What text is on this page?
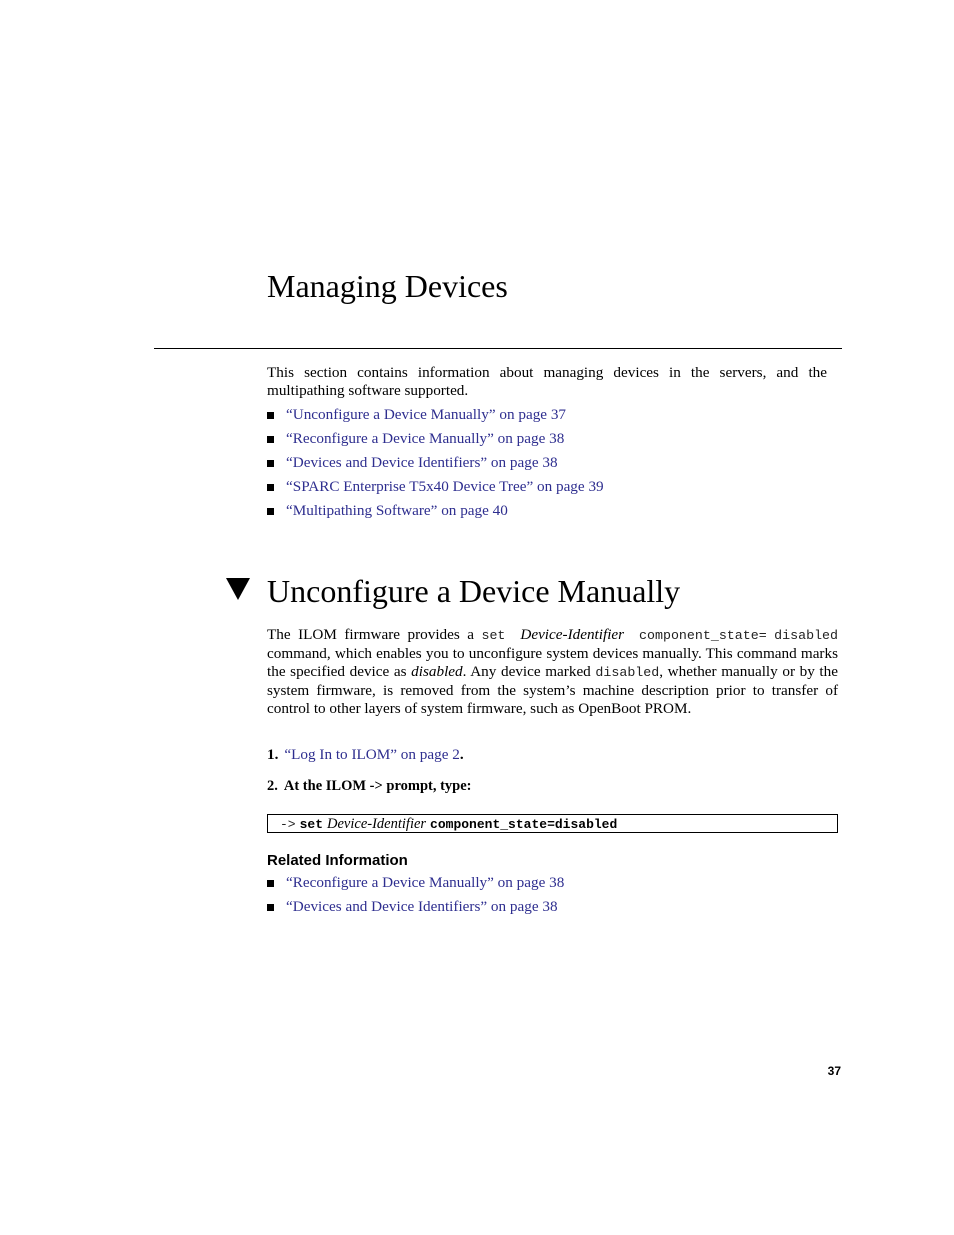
Managing Devices

This section contains information about managing devices in the servers, and the multipathing software supported.

“Unconfigure a Device Manually” on page 37
“Reconfigure a Device Manually” on page 38
“Devices and Device Identifiers” on page 38
“SPARC Enterprise T5x40 Device Tree” on page 39
“Multipathing Software” on page 40
Unconfigure a Device Manually

The ILOM firmware provides a set Device-Identifier component_state= disabled command, which enables you to unconfigure system devices manually. This command marks the specified device as disabled. Any device marked disabled, whether manually or by the system firmware, is removed from the system’s machine description prior to transfer of control to other layers of system firmware, such as OpenBoot PROM.

1. “Log In to ILOM” on page 2.
2. At the ILOM -> prompt, type:
-> set Device-Identifier component_state=disabled
Related Information
“Reconfigure a Device Manually” on page 38
“Devices and Device Identifiers” on page 38
37
